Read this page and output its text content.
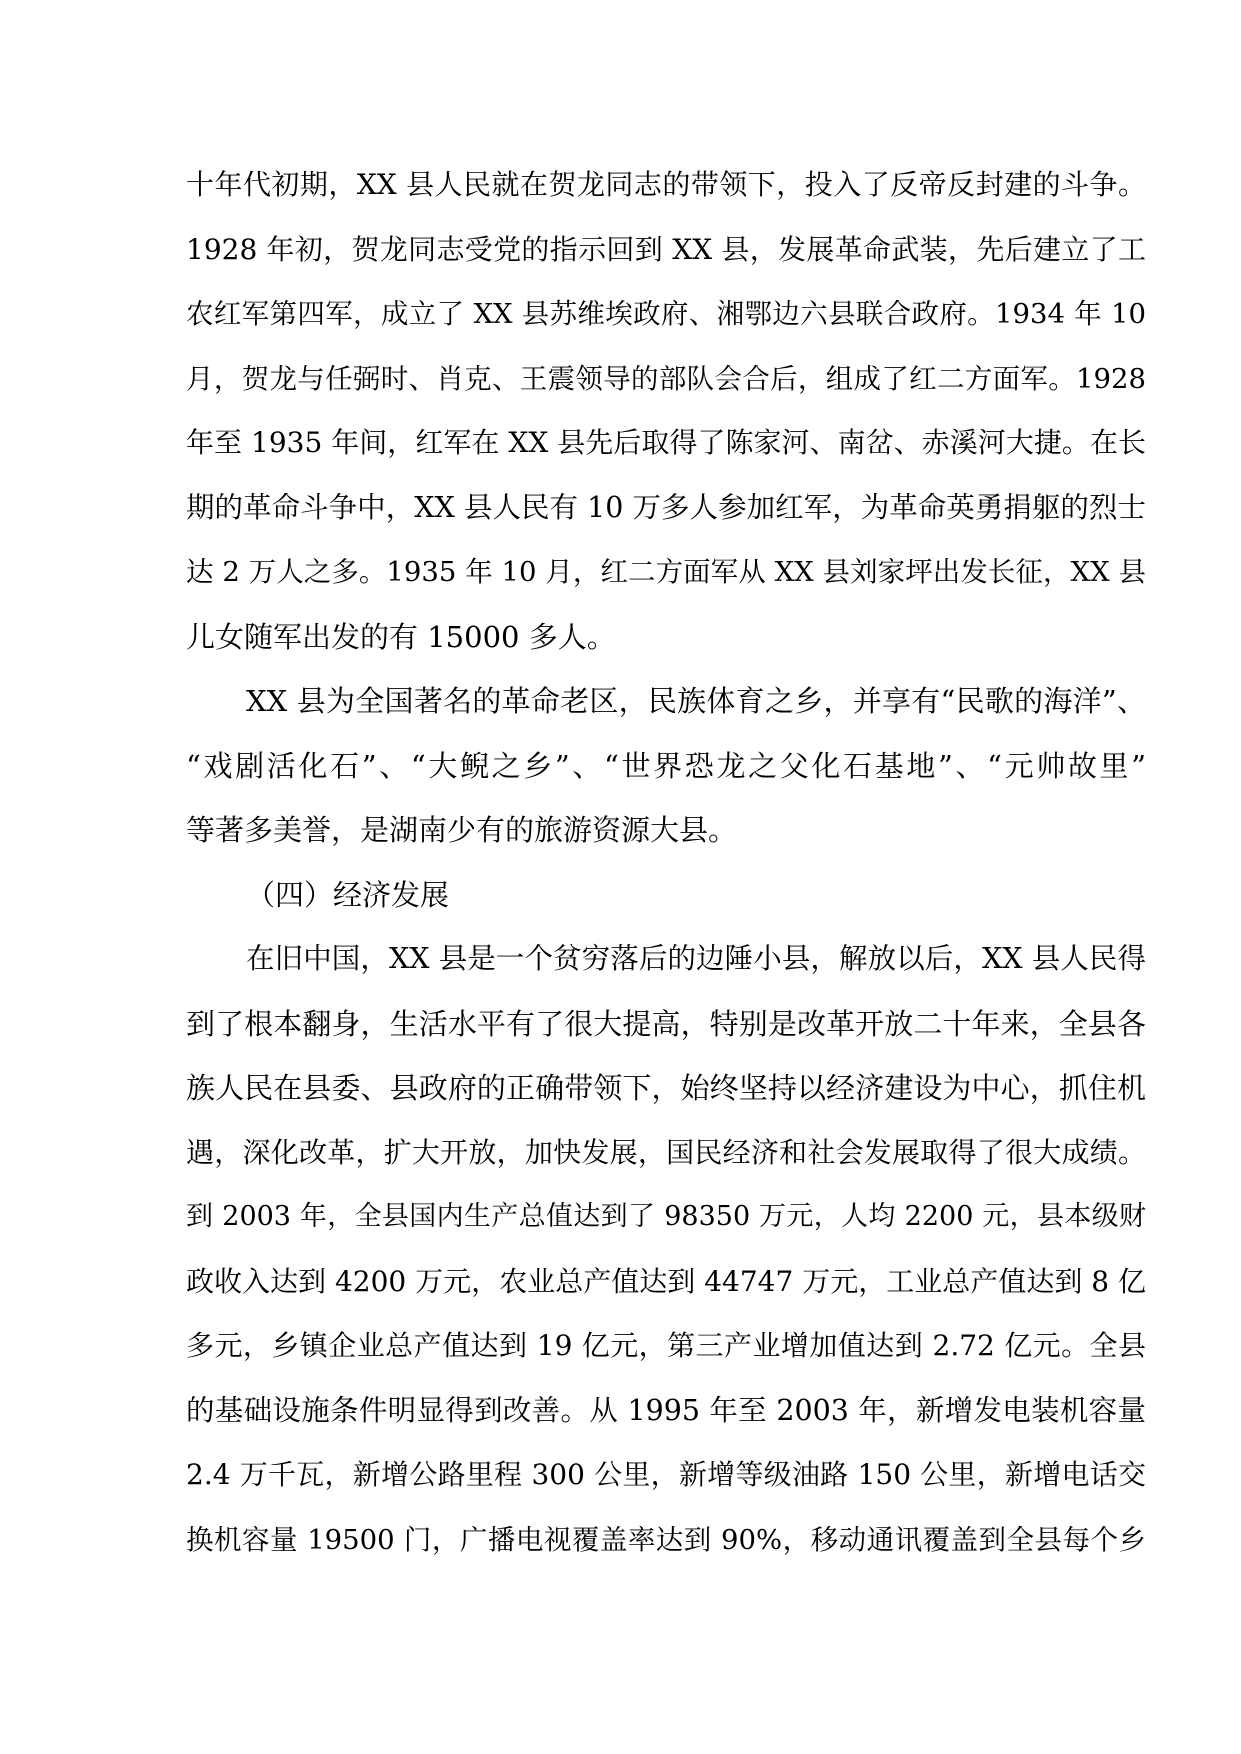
十年代初期，XX 县人民就在贺龙同志的带领下，投入了反帝反封建的斗争。
1928 年初，贺龙同志受党的指示回到 XX 县，发展革命武装，先后建立了工
农红军第四军，成立了 XX 县苏维埃政府、湘鄂边六县联合政府。1934 年 10
月，贺龙与任弼时、肖克、王震领导的部队会合后，组成了红二方面军。1928
年至 1935 年间，红军在 XX 县先后取得了陈家河、南岔、赤溪河大捷。在长
期的革命斗争中，XX 县人民有 10 万多人参加红军，为革命英勇捐躯的烈士
达 2 万人之多。1935 年 10 月，红二方面军从 XX 县刘家坪出发长征，XX 县
儿女随军出发的有 15000 多人。
XX 县为全国著名的革命老区，民族体育之乡，并享有“民歌的海洋”、
“戏剧活化石”、“大鲵之乡”、“世界恐龙之父化石基地”、“元帅故里”
等著多美誉，是湖南少有的旅游资源大县。
（四）经济发展
在旧中国，XX 县是一个贫穷落后的边陲小县，解放以后，XX 县人民得
到了根本翻身，生活水平有了很大提高，特别是改革开放二十年来，全县各
族人民在县委、县政府的正确带领下，始终坚持以经济建设为中心，抓住机
遇，深化改革，扩大开放，加快发展，国民经济和社会发展取得了很大成绩。
到 2003 年，全县国内生产总值达到了 98350 万元，人均 2200 元，县本级财
政收入达到 4200 万元，农业总产值达到 44747 万元，工业总产值达到 8 亿
多元，乡镇企业总产值达到 19 亿元，第三产业增加值达到 2.72 亿元。全县
的基础设施条件明显得到改善。从 1995 年至 2003 年，新增发电装机容量
2.4 万千瓦，新增公路里程 300 公里，新增等级油路 150 公里，新增电话交
换机容量 19500 门，广播电视覆盖率达到 90%，移动通讯覆盖到全县每个乡
